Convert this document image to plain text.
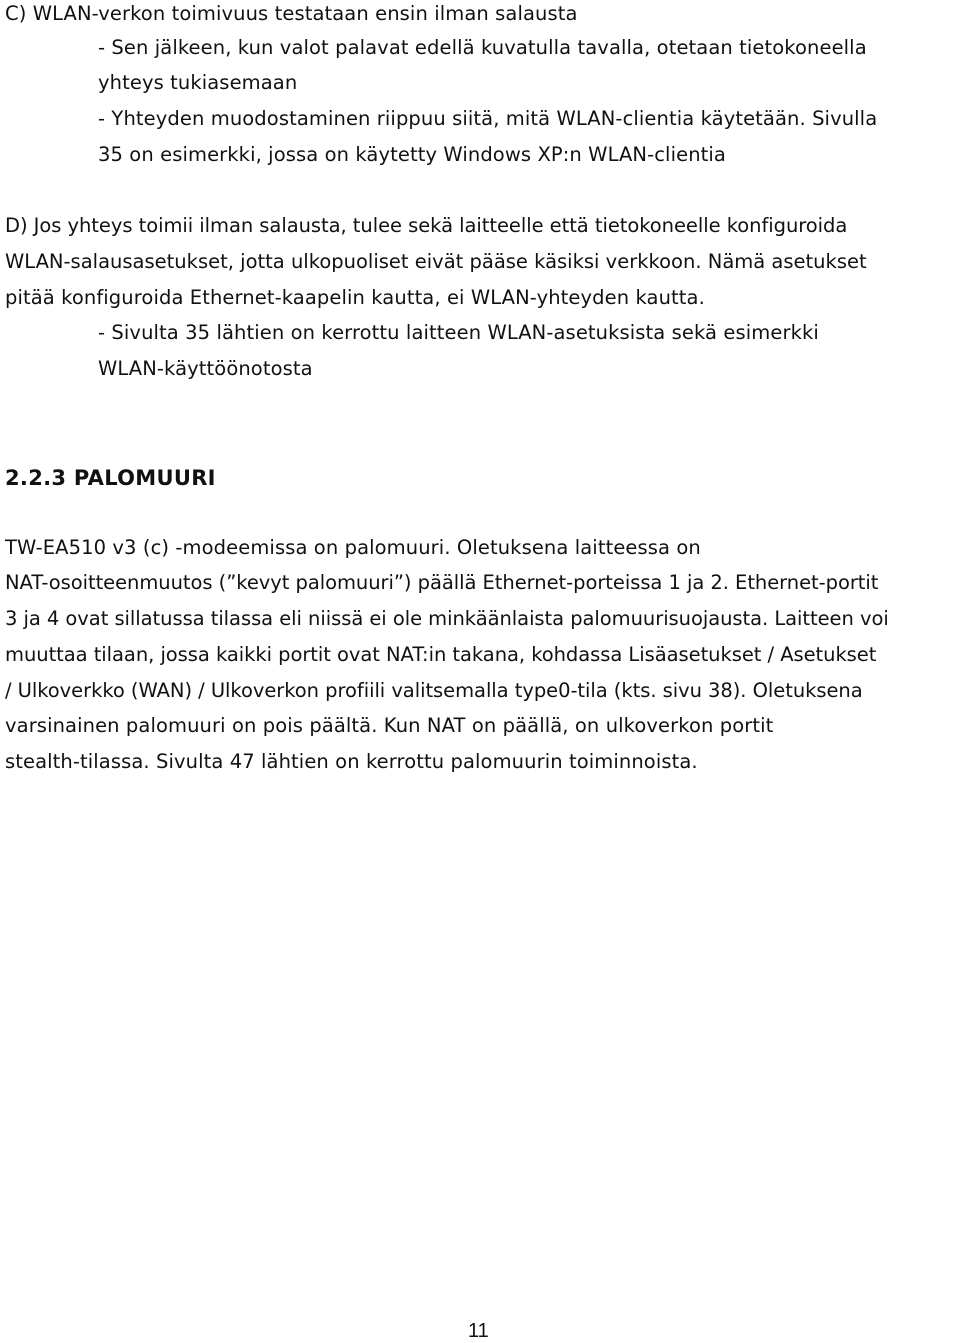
C) WLAN-verkon toimivuus testataan ensin ilman salausta
- Sen jälkeen, kun valot palavat edellä kuvatulla tavalla, otetaan tietokoneella
yhteys tukiasemaan
- Yhteyden muodostaminen riippuu siitä, mitä WLAN-clientia käytetään. Sivulla
35 on esimerkki, jossa on käytetty Windows XP:n WLAN-clientia
D) Jos yhteys toimii ilman salausta, tulee sekä laitteelle että tietokoneelle konfiguroida
WLAN-salausasetukset, jotta ulkopuoliset eivät pääse käsiksi verkkoon. Nämä asetukset
pitää konfiguroida Ethernet-kaapelin kautta, ei WLAN-yhteyden kautta.
- Sivulta 35 lähtien on kerrottu laitteen WLAN-asetuksista sekä esimerkki
WLAN-käyttöönotosta
2.2.3 PALOMUURI
TW-EA510 v3 (c) -modeemissa on palomuuri. Oletuksena laitteessa on
NAT-osoitteenmuutos (”kevyt palomuuri”) päällä Ethernet-porteissa 1 ja 2. Ethernet-portit
3 ja 4 ovat sillatussa tilassa eli niissä ei ole minkäänlaista palomuurisuojausta. Laitteen voi
muuttaa tilaan, jossa kaikki portit ovat NAT:in takana, kohdassa Lisäasetukset / Asetukset
/ Ulkoverkko (WAN) / Ulkoverkon profiili valitsemalla type0-tila (kts. sivu 38). Oletuksena
varsinainen palomuuri on pois päältä. Kun NAT on päällä, on ulkoverkon portit
stealth-tilassa. Sivulta 47 lähtien on kerrottu palomuurin toiminnoista.
11
